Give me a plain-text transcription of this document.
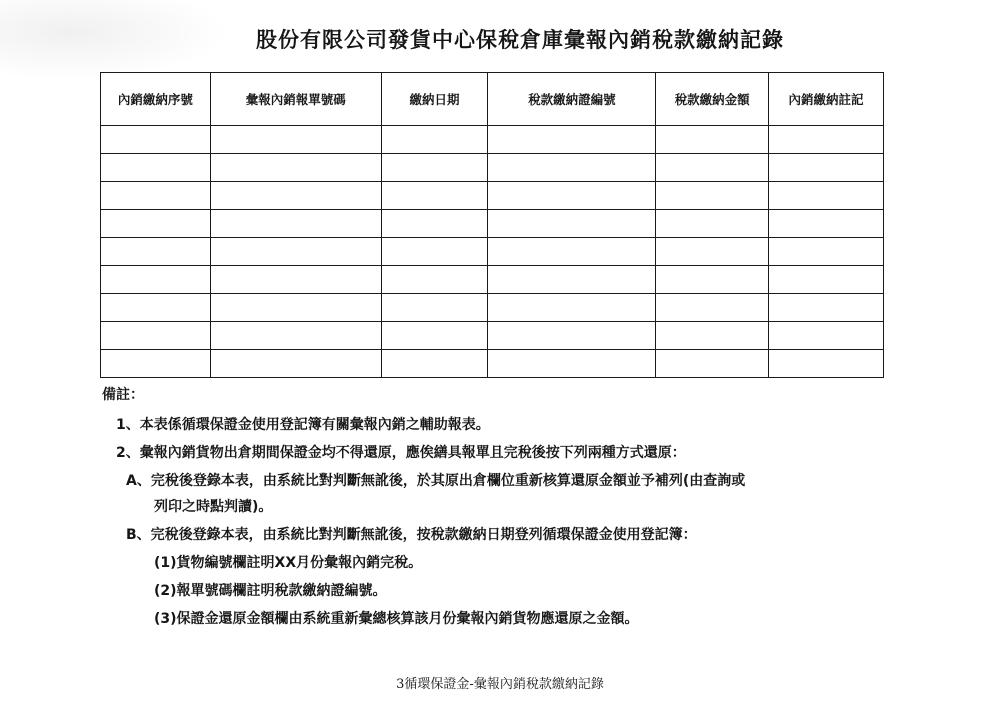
股份有限公司發貨中心保稅倉庫彙報內銷稅款繳納記錄
內銷繳納序號	彙報內銷報單號碼	繳納日期	稅款繳納證編號	稅款繳納金額	內銷繳納註記

備註：
1、本表係循環保證金使用登記簿有關彙報內銷之輔助報表。
2、彙報內銷貨物出倉期間保證金均不得還原，應俟繕具報單且完稅後按下列兩種方式還原：
A、完稅後登錄本表，由系統比對判斷無訛後，於其原出倉欄位重新核算還原金額並予補列(由查詢或
列印之時點判讀)。
B、完稅後登錄本表，由系統比對判斷無訛後，按稅款繳納日期登列循環保證金使用登記簿：
(1)貨物編號欄註明XX月份彙報內銷完稅。
(2)報單號碼欄註明稅款繳納證編號。
(3)保證金還原金額欄由系統重新彙總核算該月份彙報內銷貨物應還原之金額。
3循環保證金-彙報內銷稅款繳納記錄
